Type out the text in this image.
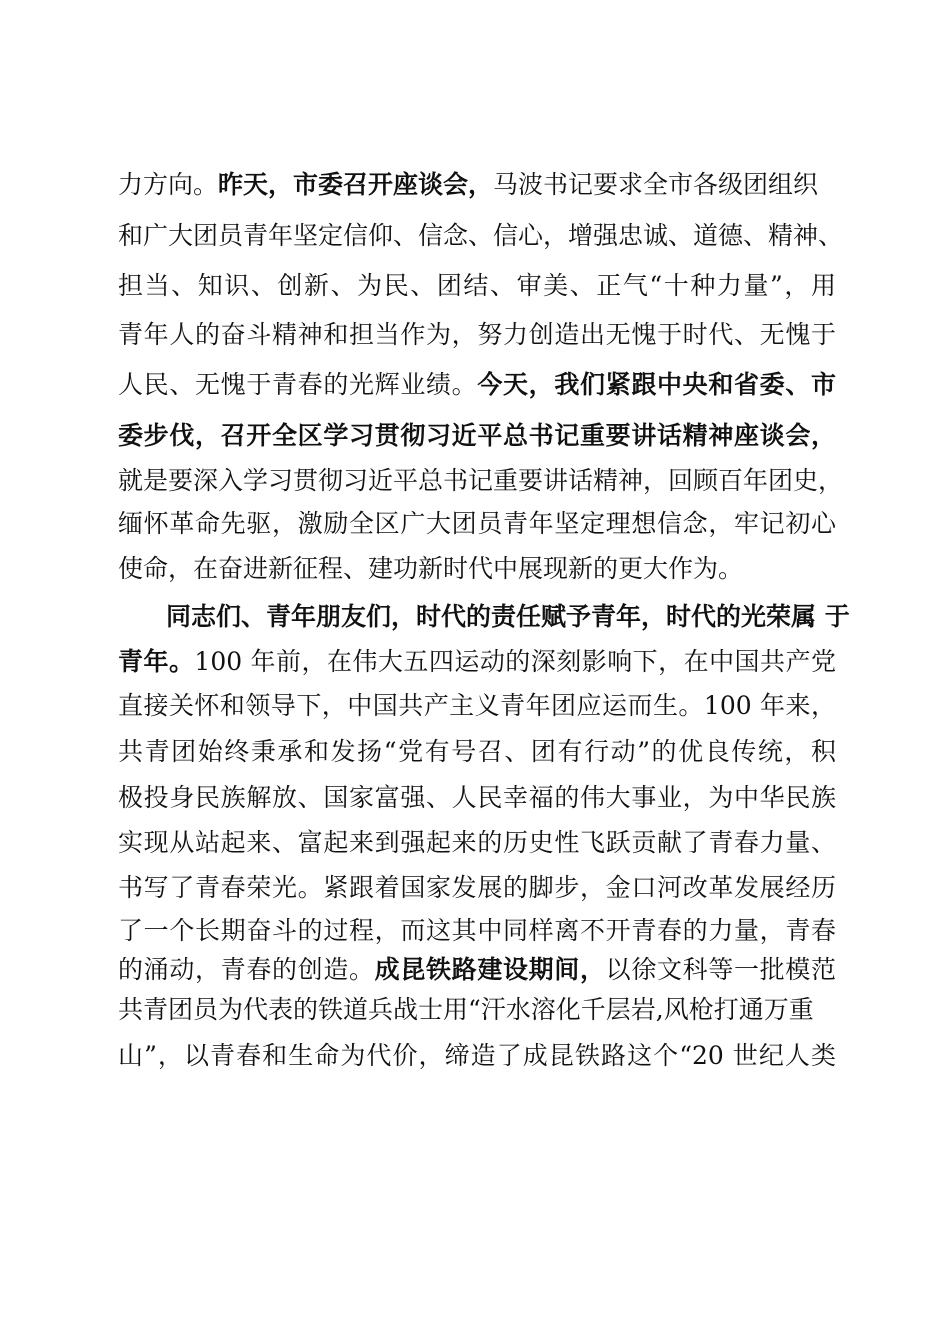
力方向。昨天，市委召开座谈会，马波书记要求全市各级团组织
和广大团员青年坚定信仰、信念、信心，增强忠诚、道德、精神、
担当、知识、创新、为民、团结、审美、正气“十种力量”，用
青年人的奋斗精神和担当作为，努力创造出无愧于时代、无愧于
人民、无愧于青春的光辉业绩。今天，我们紧跟中央和省委、市
委步伐，召开全区学习贯彻习近平总书记重要讲话精神座谈会，
就是要深入学习贯彻习近平总书记重要讲话精神，回顾百年团史，
缅怀革命先驱，激励全区广大团员青年坚定理想信念，牢记初心
使命，在奋进新征程、建功新时代中展现新的更大作为。
同志们、青年朋友们，时代的责任赋予青年，时代的光荣属 于
青年。100 年前，在伟大五四运动的深刻影响下，在中国共产党
直接关怀和领导下，中国共产主义青年团应运而生。100 年来，
共青团始终秉承和发扬“党有号召、团有行动”的优良传统，积
极投身民族解放、国家富强、人民幸福的伟大事业，为中华民族
实现从站起来、富起来到强起来的历史性飞跃贡献了青春力量、
书写了青春荣光。紧跟着国家发展的脚步，金口河改革发展经历
了一个长期奋斗的过程，而这其中同样离不开青春的力量，青春
的涌动，青春的创造。成昆铁路建设期间，以徐文科等一批模范
共青团员为代表的铁道兵战士用“汗水溶化千层岩,风枪打通万重
山”，以青春和生命为代价，缔造了成昆铁路这个“20 世纪人类
